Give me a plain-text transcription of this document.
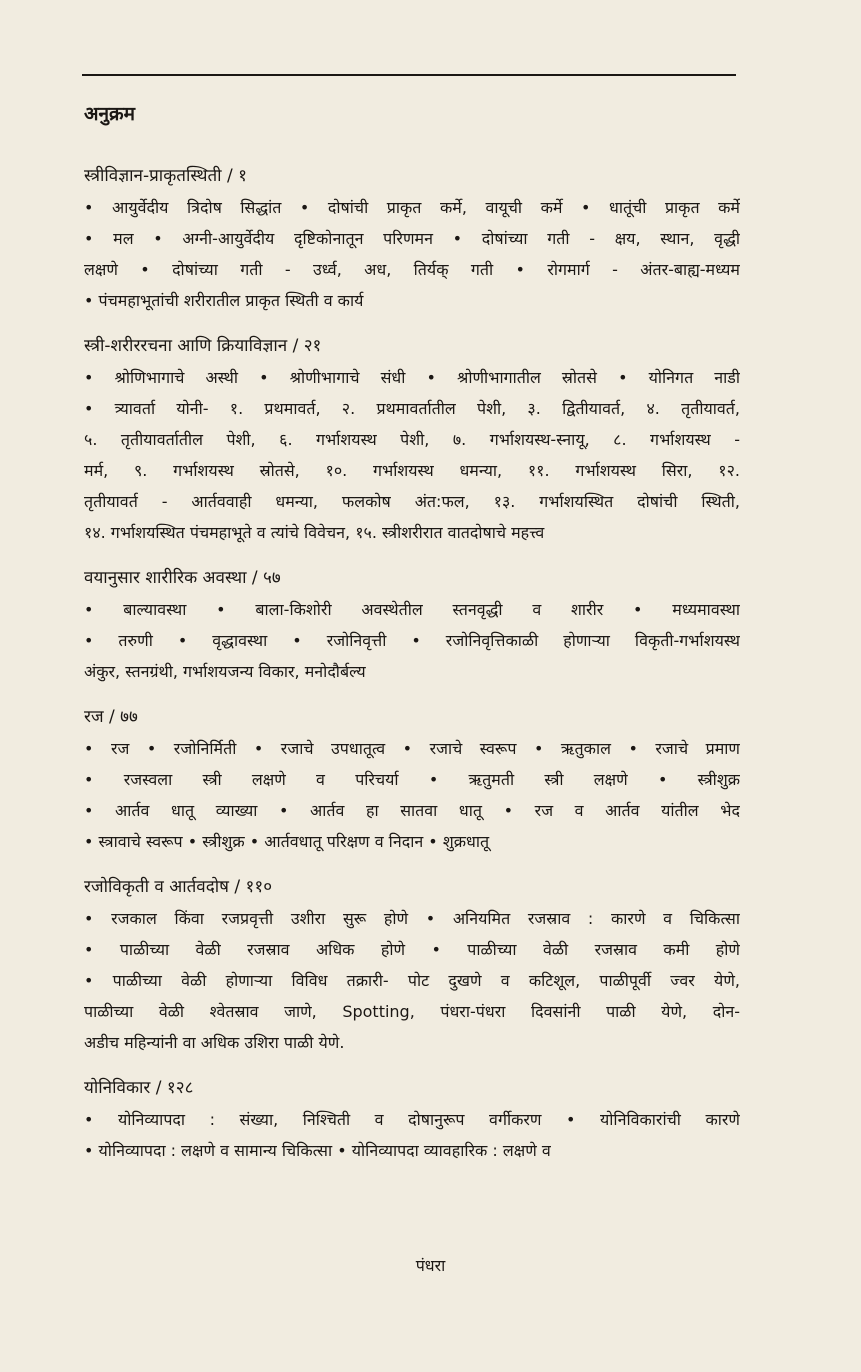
अनुक्रम
स्त्रीविज्ञान-प्राकृतस्थिती / १
• आयुर्वेदीय त्रिदोष सिद्धांत • दोषांची प्राकृत कर्मे, वायूची कर्मे • धातूंची प्राकृत कर्मे
• मल • अग्नी-आयुर्वेदीय दृष्टिकोनातून परिणमन • दोषांच्या गती - क्षय, स्थान, वृद्धी
लक्षणे • दोषांच्या गती - उर्ध्व, अध, तिर्यक् गती • रोगमार्ग - अंतर-बाह्य-मध्यम
• पंचमहाभूतांची शरीरातील प्राकृत स्थिती व कार्य
स्त्री-शरीररचना आणि क्रियाविज्ञान / २१
• श्रोणिभागाचे अस्थी • श्रोणीभागाचे संधी • श्रोणीभागातील स्रोतसे • योनिगत नाडी
• त्र्यावर्ता योनी- १. प्रथमावर्त, २. प्रथमावर्तातील पेशी, ३. द्वितीयावर्त, ४. तृतीयावर्त,
५. तृतीयावर्तातील पेशी, ६. गर्भाशयस्थ पेशी, ७. गर्भाशयस्थ-स्नायू, ८. गर्भाशयस्थ -
मर्म, ९. गर्भाशयस्थ स्रोतसे, १०. गर्भाशयस्थ धमन्या, ११. गर्भाशयस्थ सिरा, १२.
तृतीयावर्त - आर्तववाही धमन्या, फलकोष अंत:फल, १३. गर्भाशयस्थित दोषांची स्थिती,
१४. गर्भाशयस्थित पंचमहाभूते व त्यांचे विवेचन, १५. स्त्रीशरीरात वातदोषाचे महत्त्व
वयानुसार शारीरिक अवस्था / ५७
• बाल्यावस्था • बाला-किशोरी अवस्थेतील स्तनवृद्धी व शारीर • मध्यमावस्था
• तरुणी • वृद्धावस्था • रजोनिवृत्ती • रजोनिवृत्तिकाळी होणाऱ्या विकृती-गर्भाशयस्थ
अंकुर, स्तनग्रंथी, गर्भाशयजन्य विकार, मनोदौर्बल्य
रज / ७७
• रज • रजोनिर्मिती • रजाचे उपधातूत्व • रजाचे स्वरूप • ऋतुकाल • रजाचे प्रमाण
• रजस्वला स्त्री लक्षणे व परिचर्या • ऋतुमती स्त्री लक्षणे • स्त्रीशुक्र
• आर्तव धातू व्याख्या • आर्तव हा सातवा धातू • रज व आर्तव यांतील भेद
• स्त्रावाचे स्वरूप • स्त्रीशुक्र • आर्तवधातू परिक्षण व निदान • शुक्रधातू
रजोविकृती व आर्तवदोष / ११०
• रजकाल किंवा रजप्रवृत्ती उशीरा सुरू होणे • अनियमित रजस्राव : कारणे व चिकित्सा
• पाळीच्या वेळी रजस्राव अधिक होणे • पाळीच्या वेळी रजस्राव कमी होणे
• पाळीच्या वेळी होणाऱ्या विविध तक्रारी- पोट दुखणे व कटिशूल, पाळीपूर्वी ज्वर येणे,
पाळीच्या वेळी श्वेतस्राव जाणे, Spotting, पंधरा-पंधरा दिवसांनी पाळी येणे, दोन-
अडीच महिन्यांनी वा अधिक उशिरा पाळी येणे.
योनिविकार / १२८
• योनिव्यापदा : संख्या, निश्चिती व दोषानुरूप वर्गीकरण • योनिविकारांची कारणे
• योनिव्यापदा : लक्षणे व सामान्य चिकित्सा • योनिव्यापदा व्यावहारिक : लक्षणे व
पंधरा
